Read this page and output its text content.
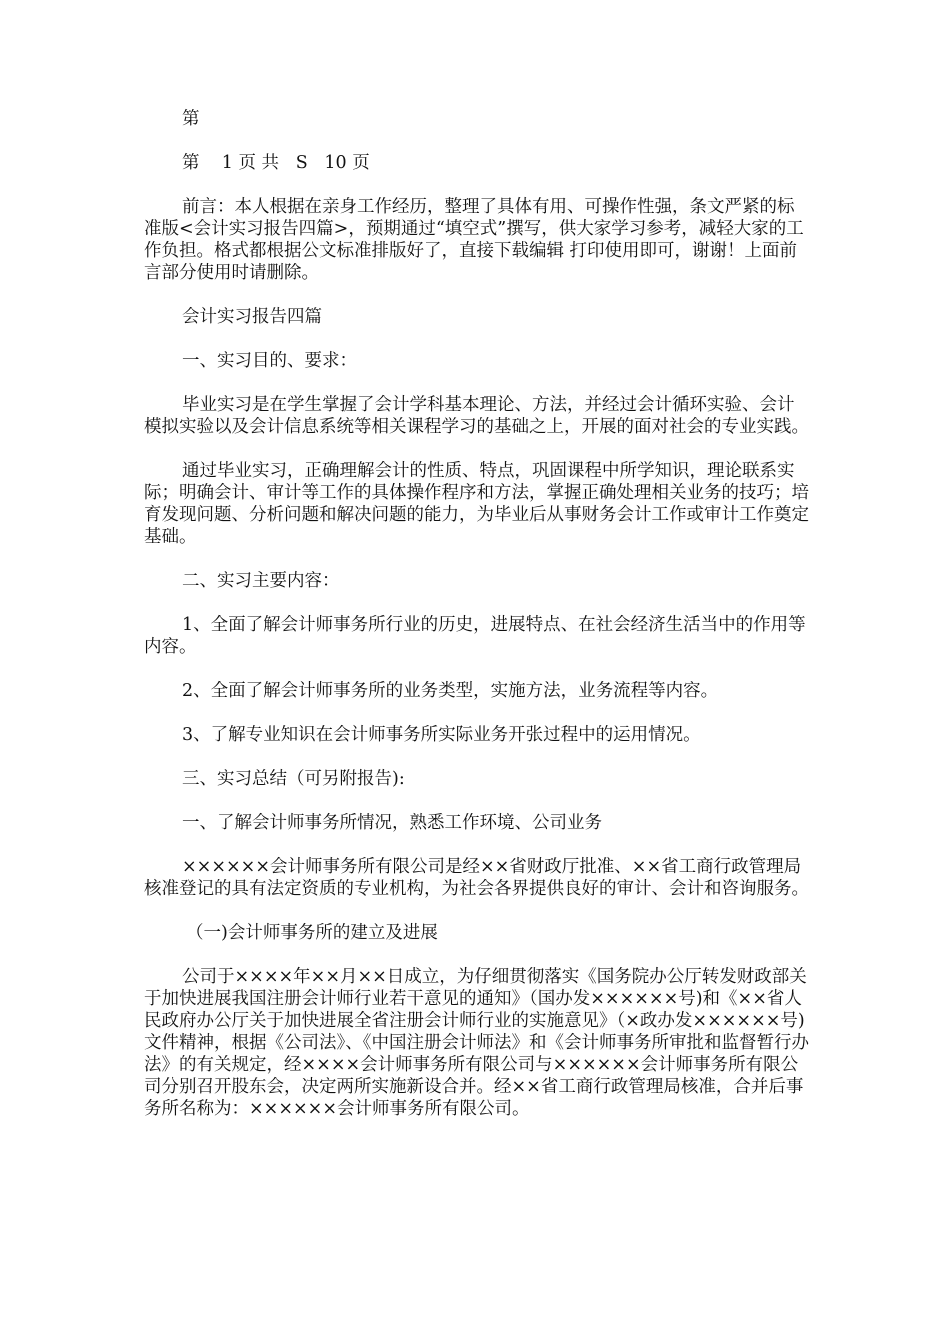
第

第    1 页 共   S   10 页

前言：本人根据在亲身工作经历，整理了具体有用、可操作性强，条文严紧的标准版<会计实习报告四篇>，预期通过“填空式”撰写，供大家学习参考，减轻大家的工作负担。格式都根据公文标准排版好了，直接下载编辑 打印使用即可，谢谢！上面前言部分使用时请删除。

会计实习报告四篇

一、实习目的、要求：

毕业实习是在学生掌握了会计学科基本理论、方法，并经过会计循环实验、会计模拟实验以及会计信息系统等相关课程学习的基础之上，开展的面对社会的专业实践。

通过毕业实习，正确理解会计的性质、特点，巩固课程中所学知识，理论联系实际；明确会计、审计等工作的具体操作程序和方法，掌握正确处理相关业务的技巧；培育发现问题、分析问题和解决问题的能力，为毕业后从事财务会计工作或审计工作奠定基础。

二、实习主要内容：

1、全面了解会计师事务所行业的历史，进展特点、在社会经济生活当中的作用等内容。

2、全面了解会计师事务所的业务类型，实施方法，业务流程等内容。

3、了解专业知识在会计师事务所实际业务开张过程中的运用情况。

三、实习总结（可另附报告):

一、了解会计师事务所情况，熟悉工作环境、公司业务

××××××会计师事务所有限公司是经××省财政厅批准、××省工商行政管理局核准登记的具有法定资质的专业机构，为社会各界提供良好的审计、会计和咨询服务。

（一)会计师事务所的建立及进展

公司于××××年××月××日成立，为仔细贯彻落实《国务院办公厅转发财政部关于加快进展我国注册会计师行业若干意见的通知》（国办发××××××号)和《××省人民政府办公厅关于加快进展全省注册会计师行业的实施意见》（×政办发××××××号)文件精神，根据《公司法》、《中国注册会计师法》和《会计师事务所审批和监督暂行办法》的有关规定，经××××会计师事务所有限公司与××××××会计师事务所有限公司分别召开股东会，决定两所实施新设合并。经××省工商行政管理局核准，合并后事务所名称为：××××××会计师事务所有限公司。
